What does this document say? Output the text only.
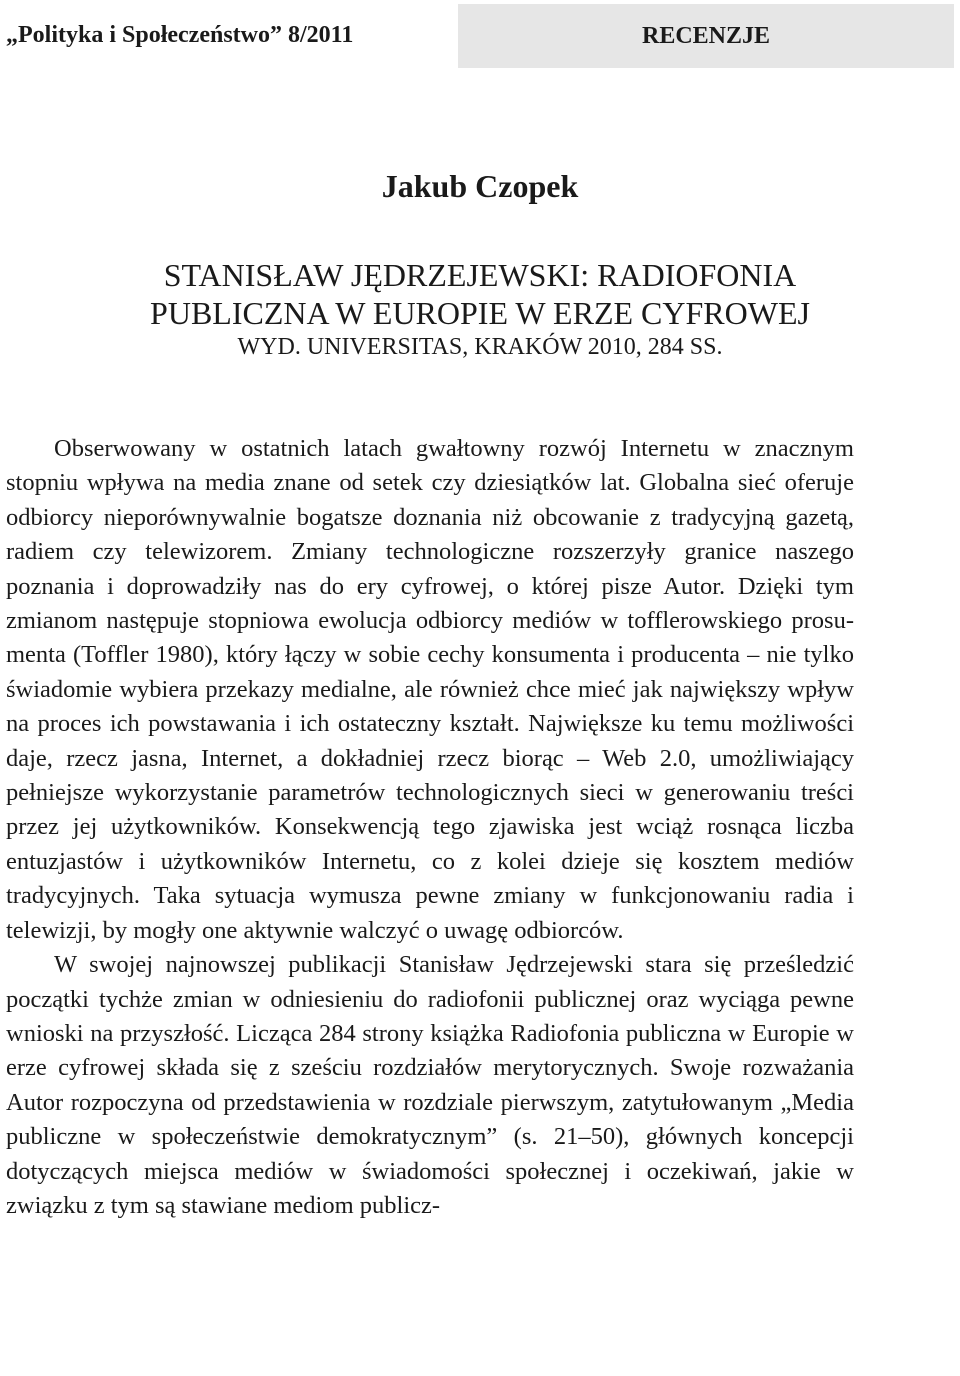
„Polityka i Społeczeństwo” 8/2011	RECENZJE
Jakub Czopek
STANISŁAW JĘDRZEJEWSKI: RADIOFONIA
PUBLICZNA W EUROPIE W ERZE CYFROWEJ
WYD. UNIVERSITAS, KRAKÓW 2010, 284 SS.

Obserwowany w ostatnich latach gwałtowny rozwój Internetu w znacznym stopniu wpływa na media znane od setek czy dziesiątków lat. Globalna sieć oferuje odbiorcy nieporównywalnie bogatsze doznania niż obcowanie z tradycyjną gazetą, radiem czy telewizorem. Zmiany technologiczne rozszerzyły granice naszego poznania i doprowadziły nas do ery cyfrowej, o której pisze Autor. Dzięki tym zmianom następuje stopniowa ewolucja odbiorcy mediów w tofflerowskiego prosumenta (Toffler 1980), który łączy w sobie cechy konsumenta i producenta – nie tylko świadomie wybiera przekazy medialne, ale również chce mieć jak największy wpływ na proces ich powstawania i ich ostateczny kształt. Największe ku temu możliwości daje, rzecz jasna, Internet, a dokładniej rzecz biorąc – Web 2.0, umożliwiający pełniejsze wykorzystanie parametrów technologicznych sieci w generowaniu treści przez jej użytkowników. Konsekwencją tego zjawiska jest wciąż rosnąca liczba entuzjastów i użytkowników Internetu, co z kolei dzieje się kosztem mediów tradycyjnych. Taka sytuacja wymusza pewne zmiany w funkcjonowaniu radia i telewizji, by mogły one aktywnie walczyć o uwagę odbiorców.

W swojej najnowszej publikacji Stanisław Jędrzejewski stara się prześledzić początki tychże zmian w odniesieniu do radiofonii publicznej oraz wyciąga pewne wnioski na przyszłość. Licząca 284 strony książka Radiofonia publiczna w Europie w erze cyfrowej składa się z sześciu rozdziałów merytorycznych. Swoje rozważania Autor rozpoczyna od przedstawienia w rozdziale pierwszym, zatytułowanym „Media publiczne w społeczeństwie demokratycznym” (s. 21–50), głównych koncepcji dotyczących miejsca mediów w świadomości społecznej i oczekiwań, jakie w związku z tym są stawiane mediom publicz-
